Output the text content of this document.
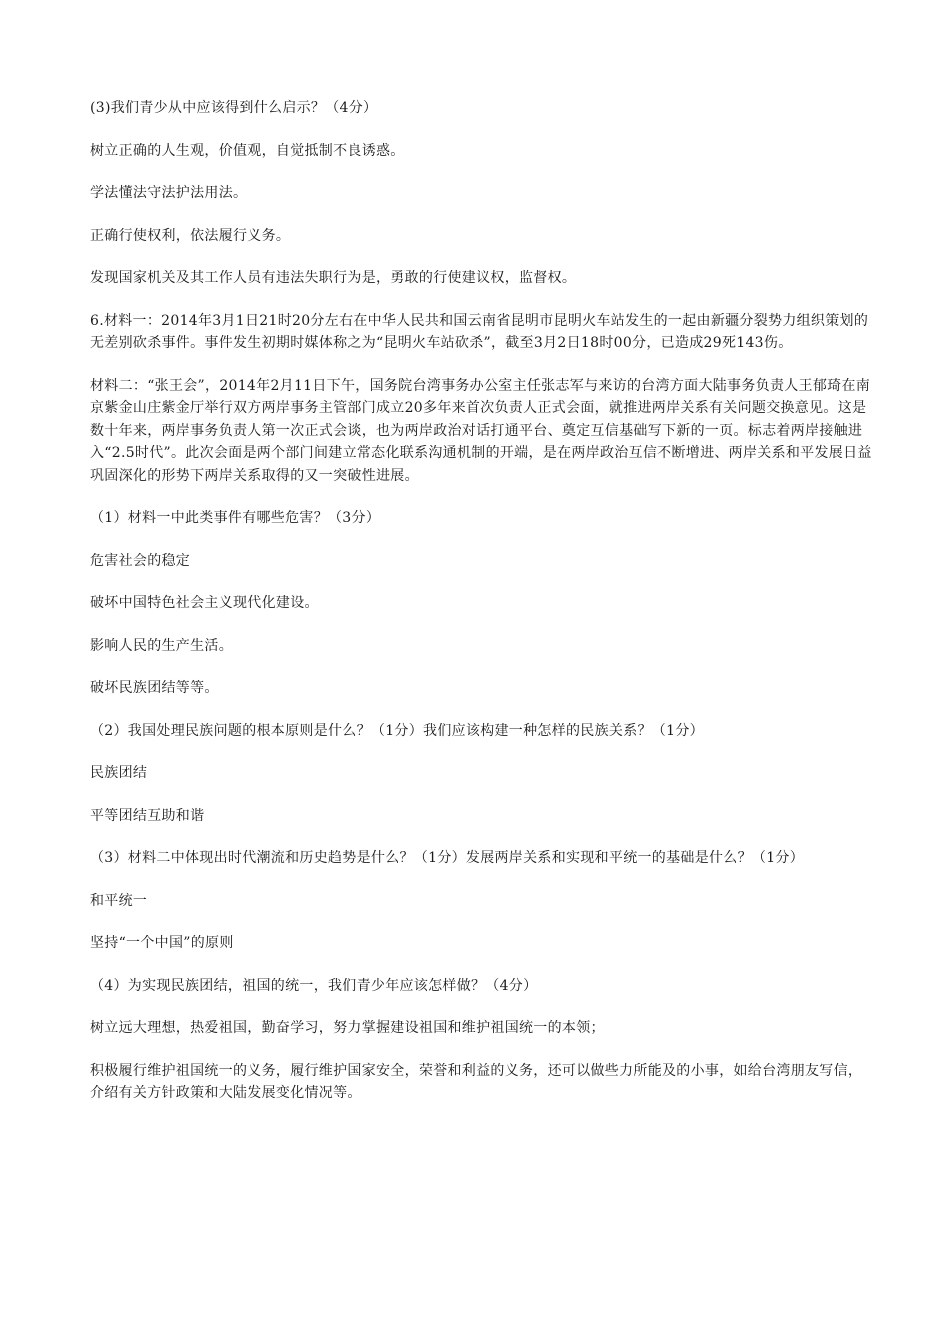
(3)我们青少从中应该得到什么启示？（4分）

树立正确的人生观，价值观，自觉抵制不良诱惑。

学法懂法守法护法用法。

正确行使权利，依法履行义务。

发现国家机关及其工作人员有违法失职行为是，勇敢的行使建议权，监督权。

6.材料一：2014年3月1日21时20分左右在中华人民共和国云南省昆明市昆明火车站发生的一起由新疆分裂势力组织策划的无差别砍杀事件。事件发生初期时媒体称之为“昆明火车站砍杀”，截至3月2日18时00分，已造成29死143伤。

材料二：“张王会”，2014年2月11日下午，国务院台湾事务办公室主任张志军与来访的台湾方面大陆事务负责人王郁琦在南京紫金山庄紫金厅举行双方两岸事务主管部门成立20多年来首次负责人正式会面，就推进两岸关系有关问题交换意见。这是数十年来，两岸事务负责人第一次正式会谈，也为两岸政治对话打通平台、奠定互信基础写下新的一页。标志着两岸接触进入“2.5时代”。此次会面是两个部门间建立常态化联系沟通机制的开端，是在两岸政治互信不断增进、两岸关系和平发展日益巩固深化的形势下两岸关系取得的又一突破性进展。

（1）材料一中此类事件有哪些危害？（3分）

危害社会的稳定

破坏中国特色社会主义现代化建设。

影响人民的生产生活。

破坏民族团结等等。

（2）我国处理民族问题的根本原则是什么？（1分）我们应该构建一种怎样的民族关系？（1分）

民族团结

平等团结互助和谐

（3）材料二中体现出时代潮流和历史趋势是什么？（1分）发展两岸关系和实现和平统一的基础是什么？（1分）

和平统一

坚持“一个中国”的原则

（4）为实现民族团结，祖国的统一，我们青少年应该怎样做？（4分）

树立远大理想，热爱祖国，勤奋学习，努力掌握建设祖国和维护祖国统一的本领；

积极履行维护祖国统一的义务，履行维护国家安全，荣誉和利益的义务，还可以做些力所能及的小事，如给台湾朋友写信，介绍有关方针政策和大陆发展变化情况等。
